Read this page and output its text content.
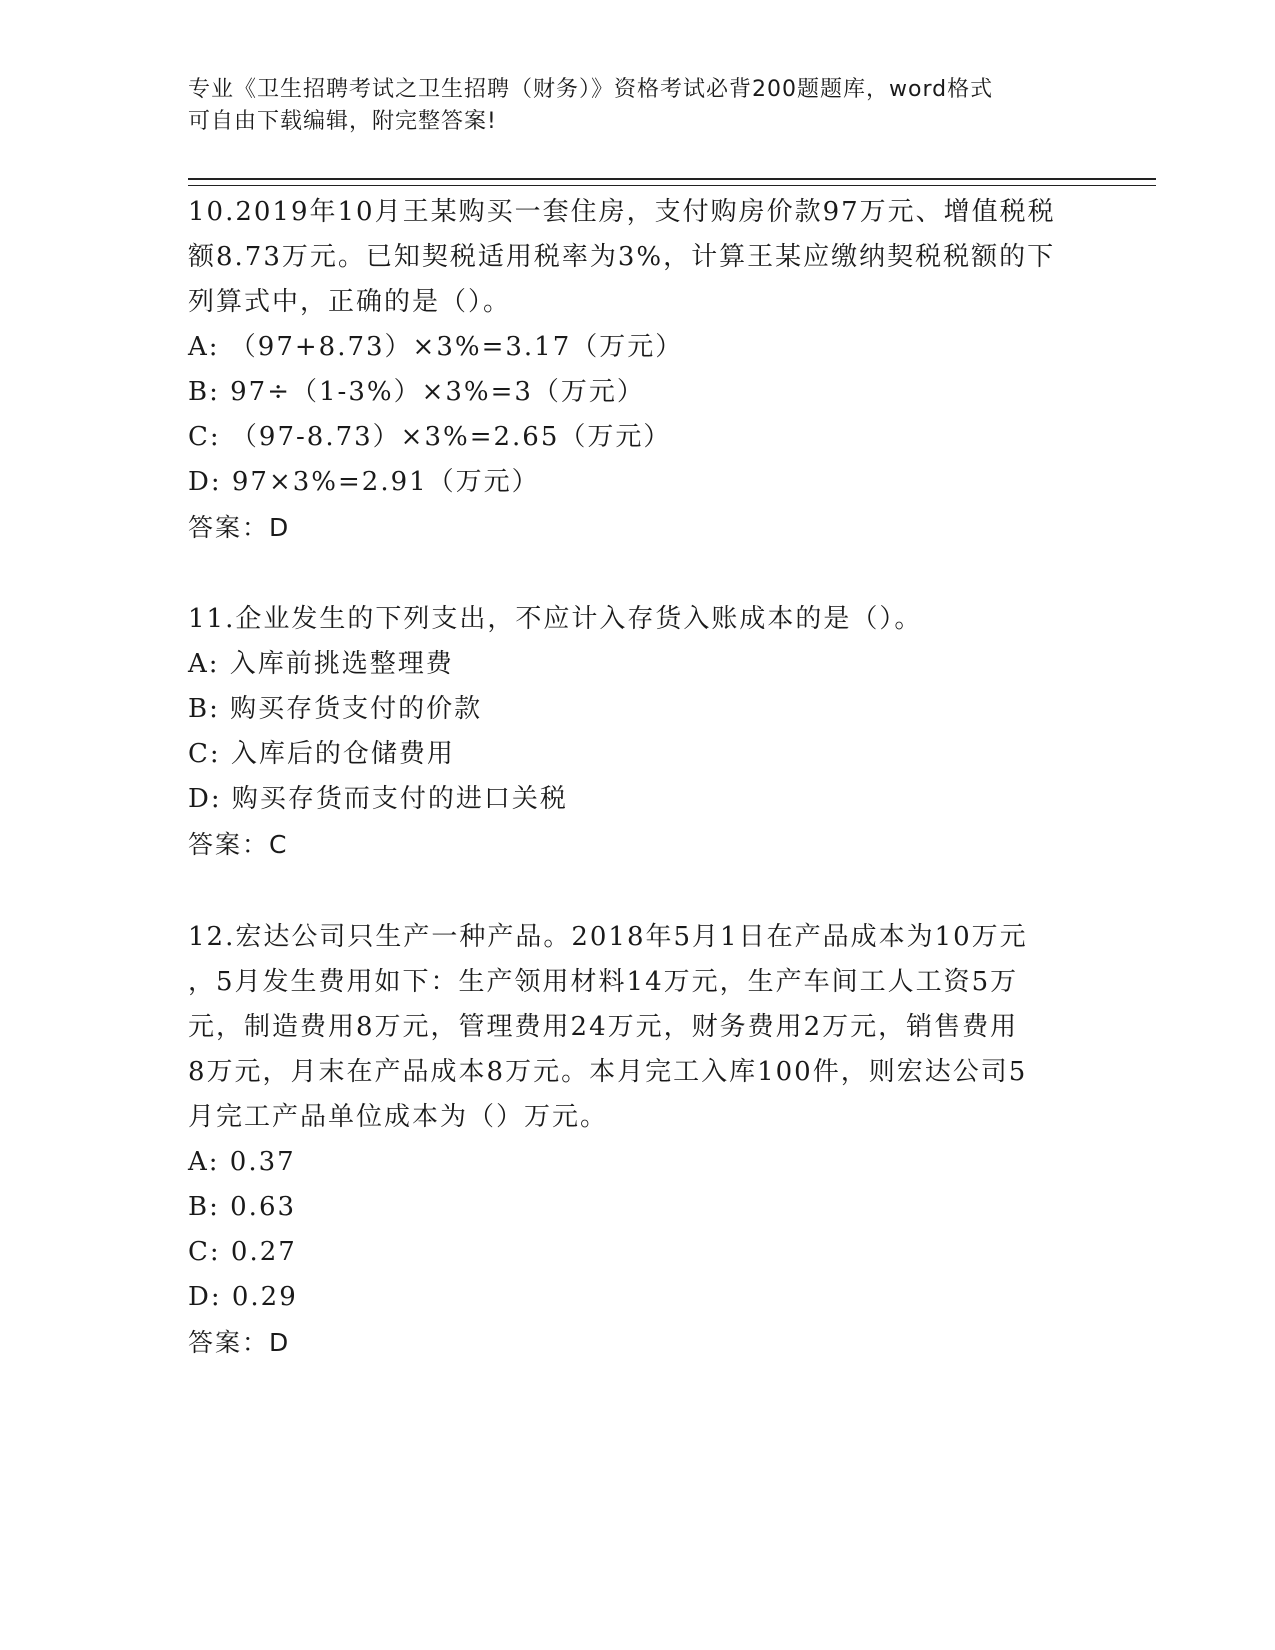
专业《卫生招聘考试之卫生招聘（财务）》资格考试必背200题题库，word格式
可自由下载编辑，附完整答案!

10.2019年10月王某购买一套住房，支付购房价款97万元、增值税税

额8.73万元。已知契税适用税率为3%，计算王某应缴纳契税税额的下

列算式中，正确的是（）。

A: （97+8.73）×3%=3.17（万元）

B: 97÷（1-3%）×3%=3（万元）

C: （97-8.73）×3%=2.65（万元）

D: 97×3%=2.91（万元）

答案：D

11.企业发生的下列支出，不应计入存货入账成本的是（）。

A: 入库前挑选整理费

B: 购买存货支付的价款

C: 入库后的仓储费用

D: 购买存货而支付的进口关税

答案：C

12.宏达公司只生产一种产品。2018年5月1日在产品成本为10万元

，5月发生费用如下：生产领用材料14万元，生产车间工人工资5万

元，制造费用8万元，管理费用24万元，财务费用2万元，销售费用

8万元，月末在产品成本8万元。本月完工入库100件，则宏达公司5

月完工产品单位成本为（）万元。

A: 0.37

B: 0.63

C: 0.27

D: 0.29

答案：D
